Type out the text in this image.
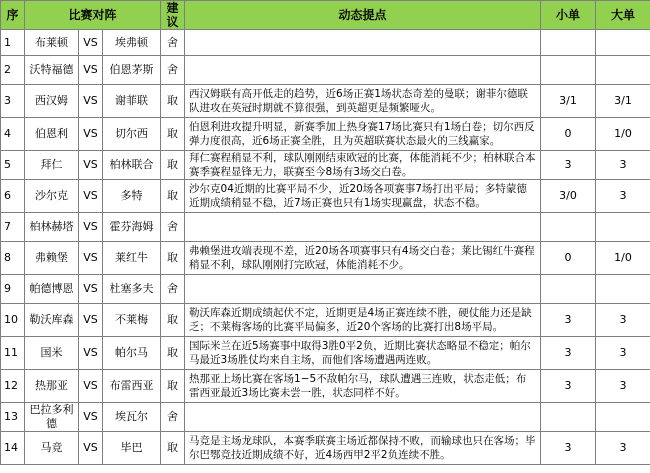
序	比赛对阵			建议	动态提点	小单	大单
1	布莱顿	VS	埃弗顿	舍			
2	沃特福德	VS	伯恩茅斯	舍			
3	西汉姆	VS	谢菲联	取	西汉姆联有高开低走的趋势，近6场正赛1场状态奇差的曼联；谢菲尔德联队进攻在英冠时期就不算很强，到英超更是频繁哑火。	3/1	3/1
4	伯恩利	VS	切尔西	取	伯恩利进攻提升明显，新赛季加上热身赛17场比赛只有1场白卷；切尔西反弹力度很高，近6场正赛全胜，且为英超联赛状态最火的三线赢家。	0	1/0
5	拜仁	VS	柏林联合	取	拜仁赛程稍显不利，球队刚刚结束欧冠的比赛，体能消耗不少；柏林联合本赛季赛程显锋无力，联赛至今8场有3场交白卷。	3	3
6	沙尔克	VS	多特	取	沙尔克04近期的比赛平局不少，近20场各项赛事7场打出平局；多特蒙德近期成绩稍显不稳，近7场正赛也只有1场实现赢盘，状态不稳。	3/0	3
7	柏林赫塔	VS	霍芬海姆	舍			
8	弗赖堡	VS	莱红牛	取	弗赖堡进攻端表现不差，近20场各项赛事只有4场交白卷；莱比锡红牛赛程稍显不利，球队刚刚打完欧冠，体能消耗不少。	0	1/0
9	帕德博恩	VS	杜塞多夫	舍			
10	勒沃库森	VS	不莱梅	取	勒沃库森近期成绩起伏不定，近期更是4场正赛连续不胜，硬仗能力还是缺乏；不莱梅客场的比赛平局偏多，近20个客场的比赛打出8场平局。	3	3
11	国米	VS	帕尔马	取	国际米兰在近5场赛事中取得3胜0平2负，近期比赛状态略显不稳定；帕尔马最近3场胜仗均来自主场，而他们客场遭遇两连败。	3	3
12	热那亚	VS	布雷西亚	取	热那亚上场比赛在客场1−5不敌帕尔马，球队遭遇三连败，状态走低；布雷西亚最近3场比赛未尝一胜，状态同样不好。	3	3
13	巴拉多利德	VS	埃瓦尔	舍			
14	马竞	VS	毕巴	取	马竞是主场龙球队，本赛季联赛主场近都保持不败，而输球也只在客场；毕尔巴鄂竞技近期成绩不好，近4场西甲2平2负连续不胜。	3	3
